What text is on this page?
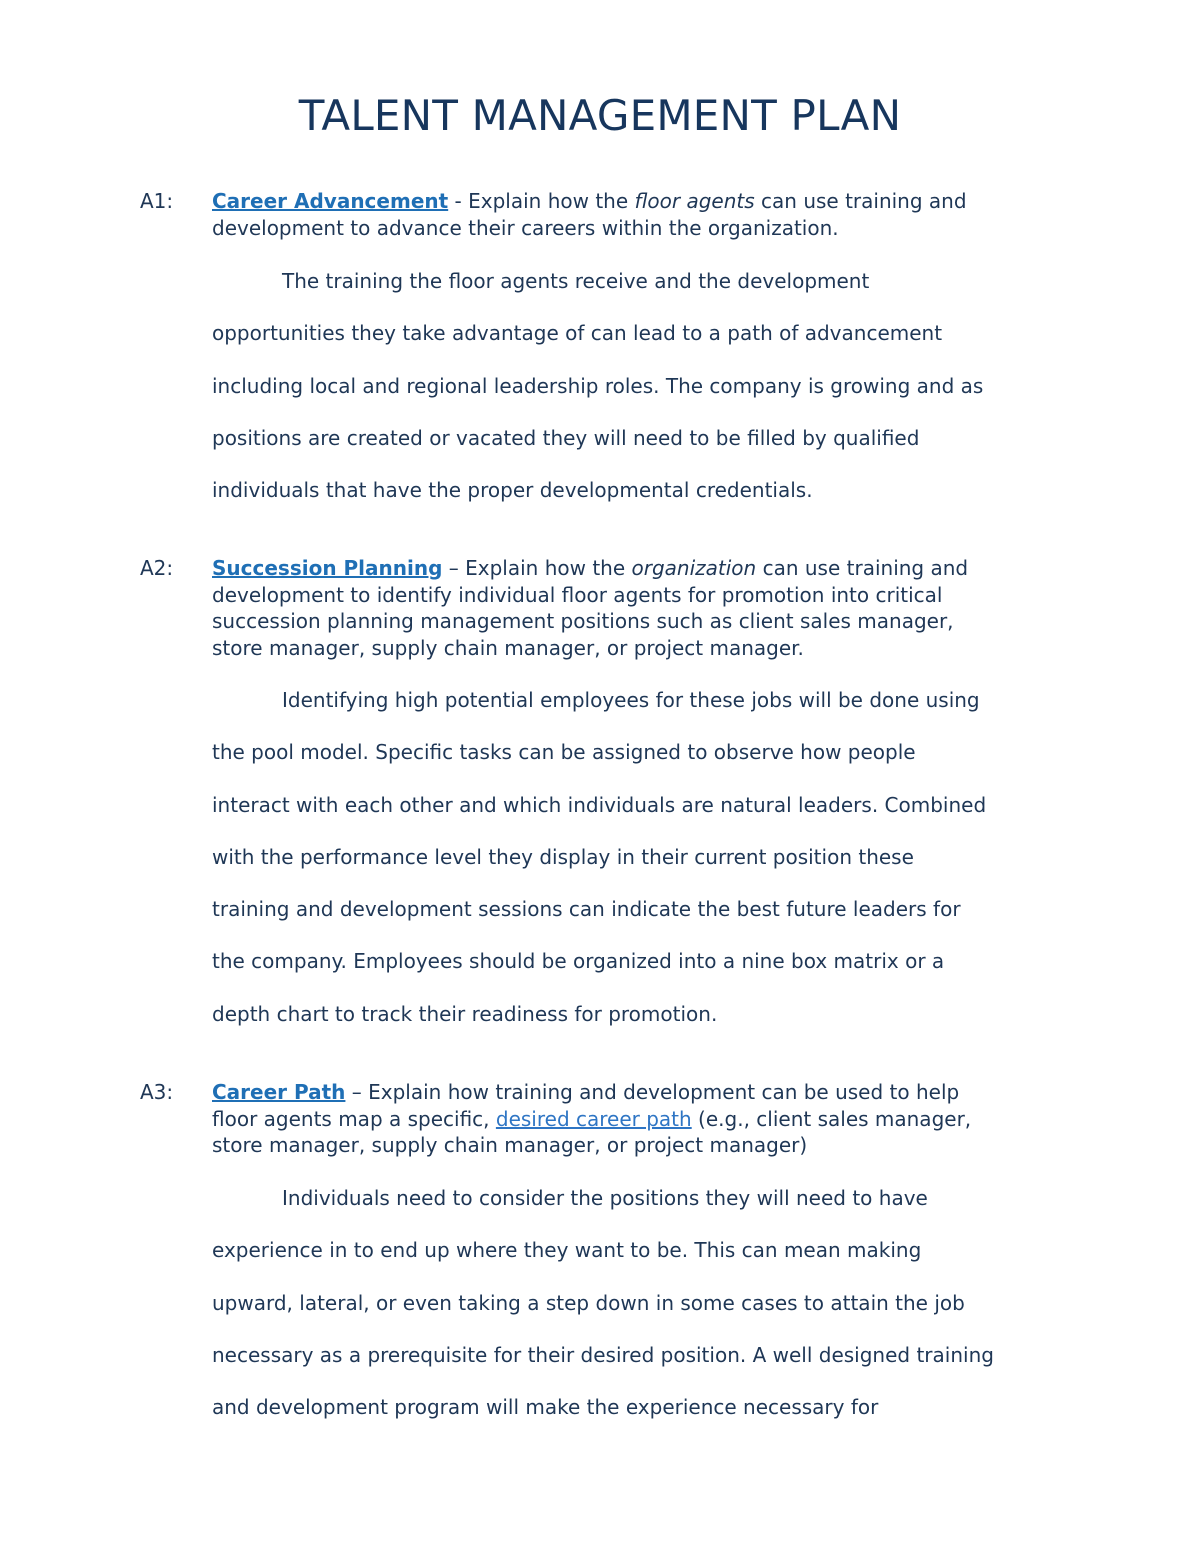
TALENT MANAGEMENT PLAN
A1: Career Advancement - Explain how the floor agents can use training and
development to advance their careers within the organization.
The training the floor agents receive and the development
opportunities they take advantage of can lead to a path of advancement
including local and regional leadership roles. The company is growing and as
positions are created or vacated they will need to be filled by qualified
individuals that have the proper developmental credentials.
A2: Succession Planning – Explain how the organization can use training and
development to identify individual floor agents for promotion into critical
succession planning management positions such as client sales manager,
store manager, supply chain manager, or project manager.
Identifying high potential employees for these jobs will be done using
the pool model. Specific tasks can be assigned to observe how people
interact with each other and which individuals are natural leaders. Combined
with the performance level they display in their current position these
training and development sessions can indicate the best future leaders for
the company. Employees should be organized into a nine box matrix or a
depth chart to track their readiness for promotion.
A3: Career Path – Explain how training and development can be used to help
floor agents map a specific, desired career path (e.g., client sales manager,
store manager, supply chain manager, or project manager)
Individuals need to consider the positions they will need to have
experience in to end up where they want to be. This can mean making
upward, lateral, or even taking a step down in some cases to attain the job
necessary as a prerequisite for their desired position. A well designed training
and development program will make the experience necessary for
